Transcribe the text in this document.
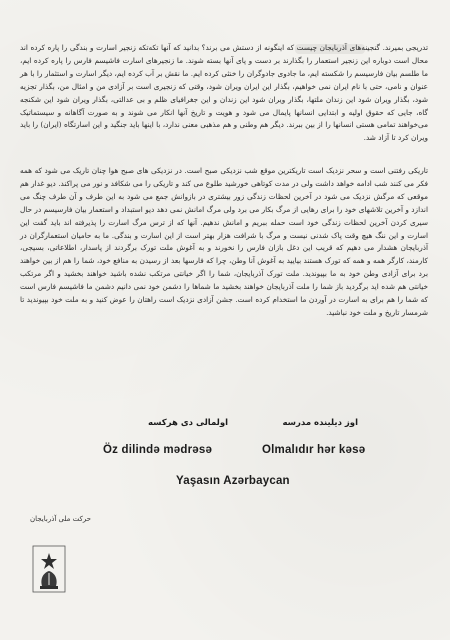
تدریجی بمیرند. گنجینه‌های آذربایجان چیست که اینگونه از دستش می برند؟ بدانید که آنها تکه‌تکه زنجیر اسارت و بندگی را پاره کرده اند محال است دوباره این زنجیر استعمار را بگذارند بر دست و پای آنها بسته شوند. ما زنجیرهای اسارت فاشیسم فارس را پاره کرده ایم، ما طلسم بیان فارسیسم را شکسته ایم، ما جادوی جادوگران را خنثی کرده ایم. ما نقش بر آب کرده ایم، دیگر اسارت و استثمار را با هر عنوان و نامی، حتی با نام ایران نمی خواهیم، بگذار این ایران ویران شود، وقتی که زنجیری است بر آزادی من و امثال من، بگذار تجزیه شود، بگذار ویران شود این زندان ملتها، بگذار ویران شود این زندان و این جغرافیای ظلم و بی عدالتی، بگذار ویران شود این شکنجه گاه، جایی که حقوق اولیه و ابتدایی انسانها پایمال می شود و هویت و تاریخ آنها انکار می شوند و به صورت آگاهانه و سیستماتیک می‌خواهند تمامی هستی انسانها را از بین ببرند. دیگر هم وطنی و هم مذهبی معنی ندارد، با اینها باید جنگید و این اسارتگاه (ایران) را باید ویران کرد تا آزاد شد.
تاریکی رفتنی است و سحر نزدیک است تاریکترین موقع شب نزدیکی صبح است. در نزدیکی های صبح هوا چنان تاریک می شود که همه فکر می کنند شب ادامه خواهد داشت ولی در مدت کوتاهی خورشید طلوع می کند و تاریکی را می شکافد و نور می پراکند. دیو غدار هم موقعی که مرگش نزدیک می شود در آخرین لحظات زندگی زور بیشتری در بازوانش جمع می شود به این طرف و آن طرف چنگ می اندازد و آخرین تلاشهای خود را برای رهایی از مرگ بکار می برد ولی مرگ امانش نمی دهد دیو استبداد و استعمار بیان فارسیسم در حال سیری کردن آخرین لحظات زندگی خود است حمله ببریم و امانش ندهیم. آنها که از ترس مرگ اسارت را پذیرفته اند باید گفت این اسارت و این ننگ هیچ وقت پاک شدنی نیست و مرگ با شرافت هزار بهتر است از این اسارت و بندگی. ما به حامیان استعمارگران در آذربایجان هشدار می دهیم که قریب این دغل بازان فارس را نخورند و به آغوش ملت تورک برگردند از پاسدار، اطلاعاتی، بسیجی، کارمند، کارگر همه و همه که تورک هستند بیایید به آغوش آنا وطن، چرا که فارسها بعد از رسیدن به منافع خود، شما را هم از بین خواهند برد برای آزادی وطن خود به ما بپیوندید. ملت تورک آذربایجان، شما را اگر خیانتی مرتکب نشده باشید خواهند بخشید و اگر مرتکب خیانتی هم شده اید برگردید باز شما را ملت آذربایجان خواهند بخشید ما شماها را دشمن خود نمی دانیم دشمن ما فاشیسم فارس است که شما را هم برای به اسارت در آوردن ما استخدام کرده است. جشن آزادی نزدیک است راهتان را عوض کنید و به ملت خود بپیوندید تا شرمسار تاریخ و ملت خود نباشید.
اوز دیلینده مدرسه
اولمالی دی هرکسه
Öz dilində mədrəsə	Olmalıdır hər kəsə
Yaşasın Azərbaycan
حرکت ملی آذربایجان
